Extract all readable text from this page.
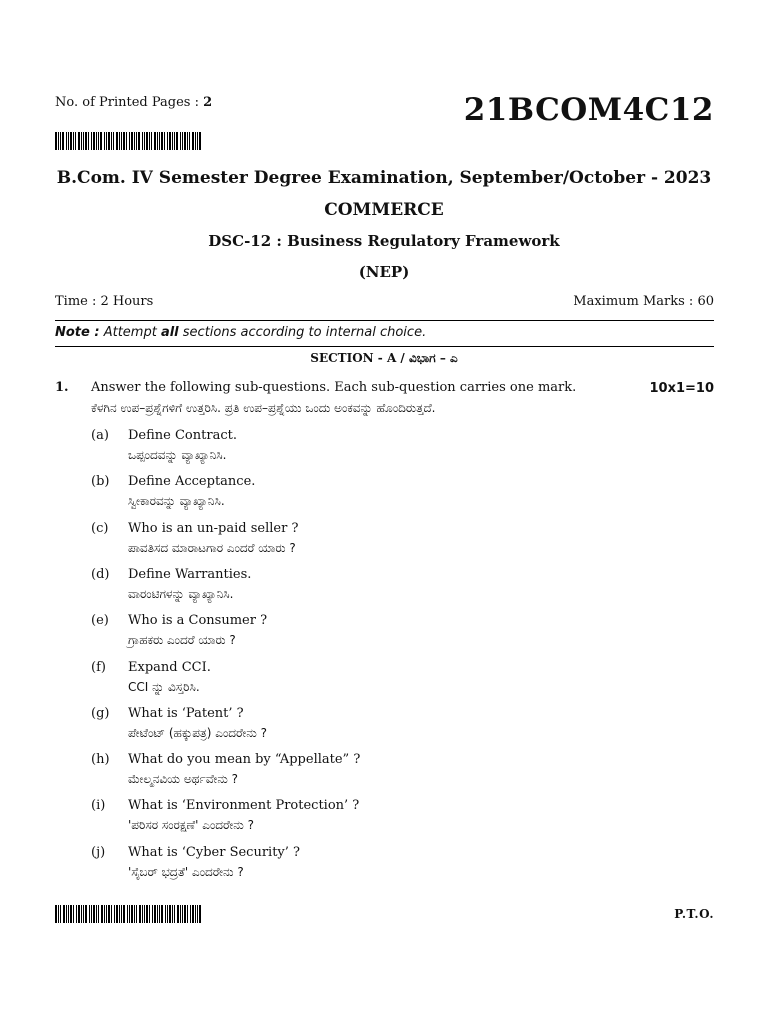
No. of Printed Pages : 2	21BCOM4C12
B.Com. IV Semester Degree Examination, September/October - 2023
COMMERCE
DSC-12 : Business Regulatory Framework
(NEP)
Time : 2 Hours	Maximum Marks : 60
Note : Attempt all sections according to internal choice.
SECTION - A / ವಿಭಾಗ – ಎ
1. Answer the following sub-questions. Each sub-question carries one mark.
ಕೆಳಗಿನ ಉಪ–ಪ್ರಶ್ನೆಗಳಿಗೆ ಉತ್ತರಿಸಿ. ಪ್ರತಿ ಉಪ–ಪ್ರಶ್ನೆಯು ಒಂದು ಅಂಕವನ್ನು ಹೊಂದಿರುತ್ತದೆ.
10x1=10
(a) Define Contract.
ಒಪ್ಪಂದವನ್ನು ವ್ಯಾಖ್ಯಾನಿಸಿ.
(b) Define Acceptance.
ಸ್ವೀಕಾರವನ್ನು ವ್ಯಾಖ್ಯಾನಿಸಿ.
(c) Who is an un-paid seller ?
ಪಾವತಿಸದ ಮಾರಾಟಗಾರ ಎಂದರೆ ಯಾರು ?
(d) Define Warranties.
ವಾರಂಟಿಗಳನ್ನು ವ್ಯಾಖ್ಯಾನಿಸಿ.
(e) Who is a Consumer ?
ಗ್ರಾಹಕರು ಎಂದರೆ ಯಾರು ?
(f) Expand CCI.
CCI ನ್ನು ವಿಸ್ತರಿಸಿ.
(g) What is ‘Patent’ ?
ಪೇಟೆಂಟ್ (ಹಕ್ಕುಪತ್ರ) ಎಂದರೇನು ?
(h) What do you mean by “Appellate” ?
ಮೇಲ್ಮನವಿಯ ಅರ್ಥವೇನು ?
(i) What is ‘Environment Protection’ ?
'ಪರಿಸರ ಸಂರಕ್ಷಣೆ' ಎಂದರೇನು ?
(j) What is ‘Cyber Security’ ?
'ಸೈಬರ್ ಭದ್ರತೆ' ಎಂದರೇನು ?
P.T.O.
